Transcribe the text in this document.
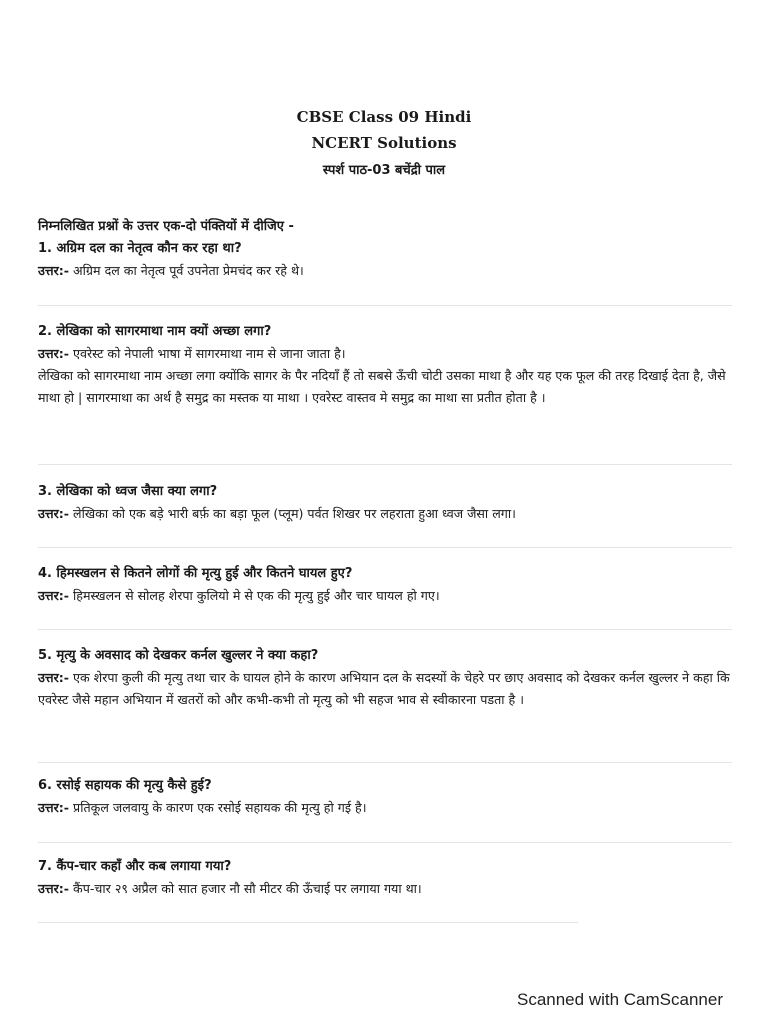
CBSE Class 09 Hindi
NCERT Solutions
स्पर्श पाठ-03 बचेंद्री पाल
निम्नलिखित प्रश्नों के उत्तर एक-दो पंक्तियों में दीजिए -
1. अग्रिम दल का नेतृत्व कौन कर रहा था?
उत्तर:- अग्रिम दल का नेतृत्व पूर्व उपनेता प्रेमचंद कर रहे थे।
2. लेखिका को सागरमाथा नाम क्यों अच्छा लगा?
उत्तर:- एवरेस्ट को नेपाली भाषा में सागरमाथा नाम से जाना जाता है।
लेखिका को सागरमाथा नाम अच्छा लगा क्योंकि सागर के पैर नदियाँ हैं तो सबसे ऊँची चोटी उसका माथा है और यह एक फूल की तरह दिखाई देता है, जैसे माथा हो | सागरमाथा का अर्थ है समुद्र का मस्तक या माथा । एवरेस्ट वास्तव मे समुद्र का माथा सा प्रतीत होता है ।
3. लेखिका को ध्वज जैसा क्या लगा?
उत्तर:- लेखिका को एक बड़े भारी बर्फ़ का बड़ा फूल (प्लूम) पर्वत शिखर पर लहराता हुआ ध्वज जैसा लगा।
4. हिमस्खलन से कितने लोगों की मृत्यु हुई और कितने घायल हुए?
उत्तर:- हिमस्खलन से सोलह शेरपा कुलियो मे से एक की मृत्यु हुई और चार घायल हो गए।
5. मृत्यु के अवसाद को देखकर कर्नल खुल्लर ने क्या कहा?
उत्तर:- एक शेरपा कुली की मृत्यु तथा चार के घायल होने के कारण अभियान दल के सदस्यों के चेहरे पर छाए अवसाद को देखकर कर्नल खुल्लर ने कहा कि एवरेस्ट जैसे महान अभियान में खतरों को और कभी-कभी तो मृत्यु को भी सहज भाव से स्वीकारना पडता है ।
6. रसोई सहायक की मृत्यु कैसे हुई?
उत्तर:- प्रतिकूल जलवायु के कारण एक रसोई सहायक की मृत्यु हो गई है।
7. कैंप-चार कहाँ और कब लगाया गया?
उत्तर:- कैंप-चार २९ अप्रैल को सात हजार नौ सौ मीटर की ऊँचाई पर लगाया गया था।
Scanned with CamScanner
